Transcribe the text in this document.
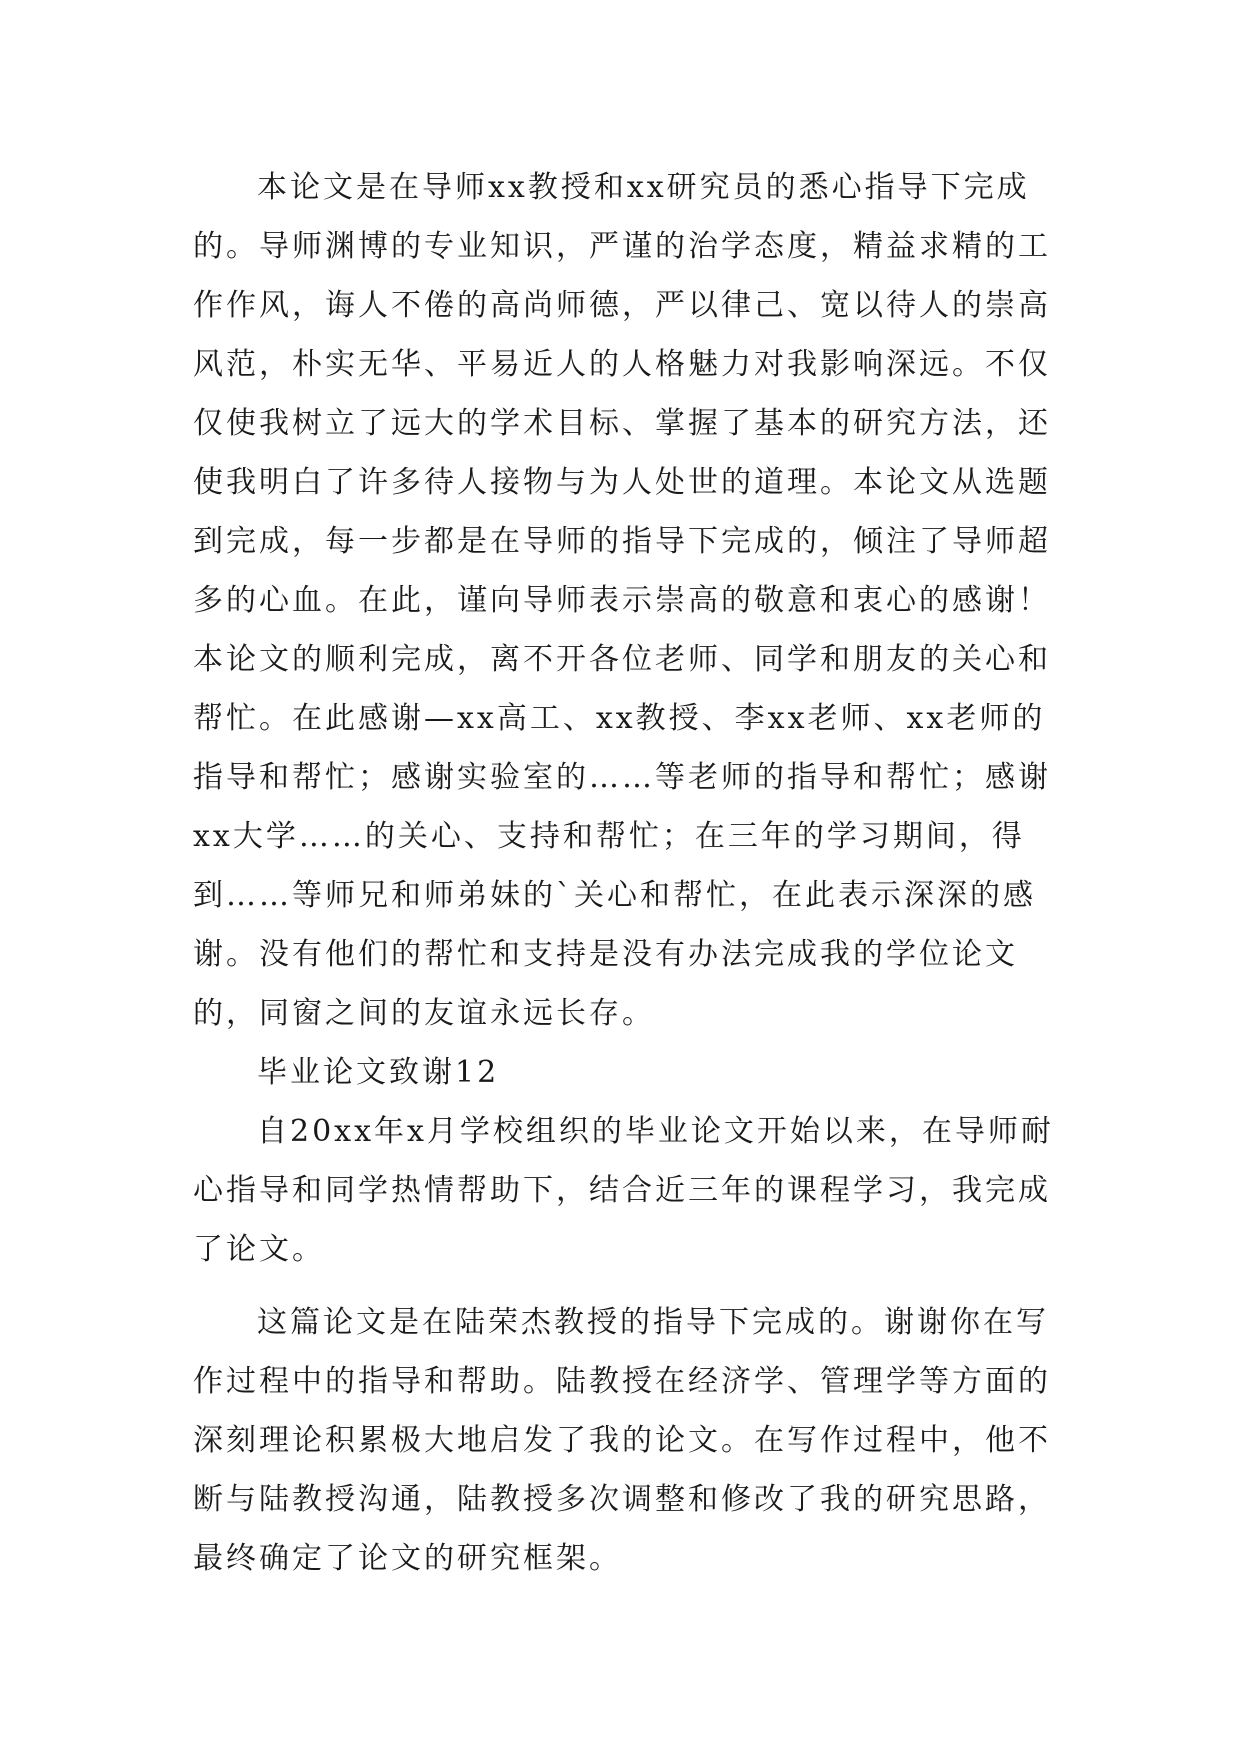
本论文是在导师xx教授和xx研究员的悉心指导下完成的。导师渊博的专业知识，严谨的治学态度，精益求精的工作作风，诲人不倦的高尚师德，严以律己、宽以待人的崇高风范，朴实无华、平易近人的人格魅力对我影响深远。不仅仅使我树立了远大的学术目标、掌握了基本的研究方法，还使我明白了许多待人接物与为人处世的道理。本论文从选题到完成，每一步都是在导师的指导下完成的，倾注了导师超多的心血。在此，谨向导师表示崇高的敬意和衷心的感谢！本论文的顺利完成，离不开各位老师、同学和朋友的关心和帮忙。在此感谢—xx高工、xx教授、李xx老师、xx老师的指导和帮忙；感谢实验室的……等老师的指导和帮忙；感谢xx大学……的关心、支持和帮忙；在三年的学习期间，得到……等师兄和师弟妹的`关心和帮忙，在此表示深深的感谢。没有他们的帮忙和支持是没有办法完成我的学位论文的，同窗之间的友谊永远长存。

毕业论文致谢12

自20xx年x月学校组织的毕业论文开始以来，在导师耐心指导和同学热情帮助下，结合近三年的课程学习，我完成了论文。

这篇论文是在陆荣杰教授的指导下完成的。谢谢你在写作过程中的指导和帮助。陆教授在经济学、管理学等方面的深刻理论积累极大地启发了我的论文。在写作过程中，他不断与陆教授沟通，陆教授多次调整和修改了我的研究思路，最终确定了论文的研究框架。
